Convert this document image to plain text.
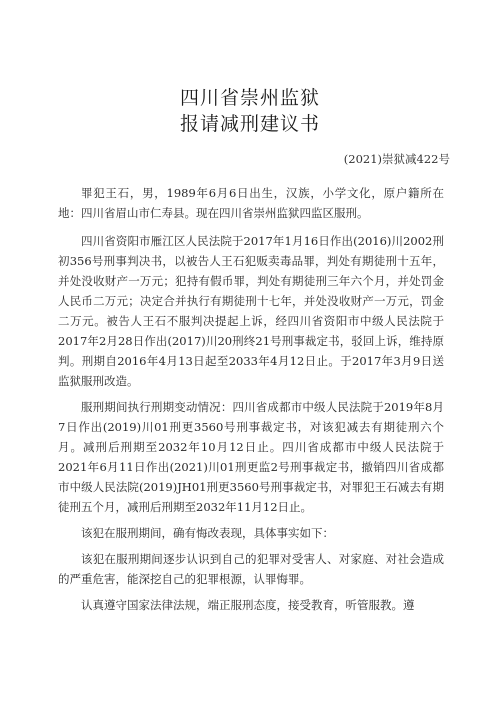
四川省崇州监狱
报请减刑建议书
(2021)崇狱减422号

罪犯王石，男，1989年6月6日出生，汉族，小学文化，原户籍所在地：四川省眉山市仁寿县。现在四川省崇州监狱四监区服刑。

四川省资阳市雁江区人民法院于2017年1月16日作出(2016)川2002刑初356号刑事判决书，以被告人王石犯贩卖毒品罪，判处有期徒刑十五年，并处没收财产一万元；犯持有假币罪，判处有期徒刑三年六个月，并处罚金人民币二万元；决定合并执行有期徒刑十七年，并处没收财产一万元，罚金二万元。被告人王石不服判决提起上诉，经四川省资阳市中级人民法院于2017年2月28日作出(2017)川20刑终21号刑事裁定书，驳回上诉，维持原判。刑期自2016年4月13日起至2033年4月12日止。于2017年3月9日送监狱服刑改造。

服刑期间执行刑期变动情况：四川省成都市中级人民法院于2019年8月7日作出(2019)川01刑更3560号刑事裁定书，对该犯减去有期徒刑六个月。减刑后刑期至2032年10月12日止。四川省成都市中级人民法院于2021年6月11日作出(2021)川01刑更监2号刑事裁定书，撤销四川省成都市中级人民法院(2019)JH01刑更3560号刑事裁定书，对罪犯王石减去有期徒刑五个月，减刑后刑期至2032年11月12日止。

该犯在服刑期间，确有悔改表现，具体事实如下：

该犯在服刑期间逐步认识到自己的犯罪对受害人、对家庭、对社会造成的严重危害，能深挖自己的犯罪根源，认罪悔罪。

认真遵守国家法律法规，端正服刑态度，接受教育，听管服教。遵
